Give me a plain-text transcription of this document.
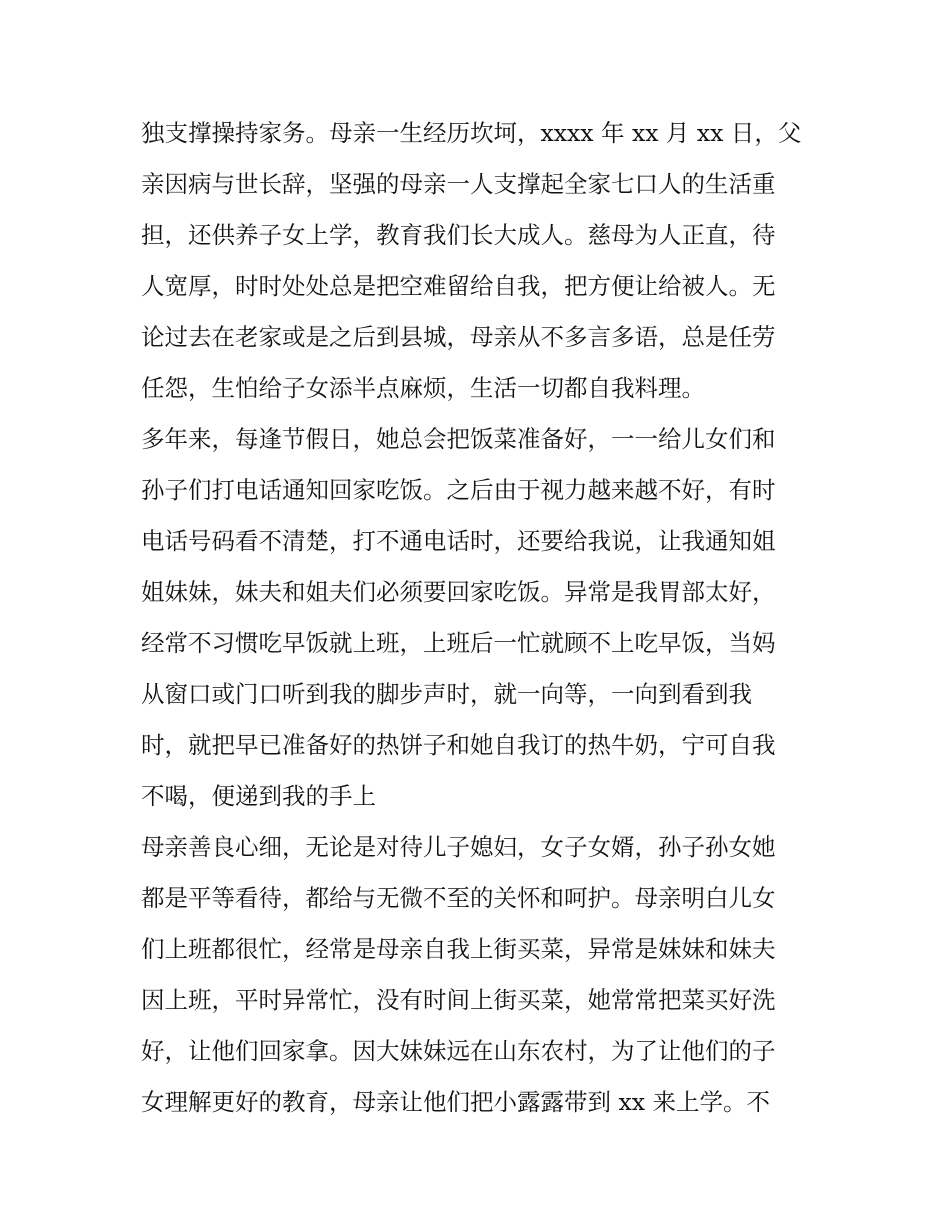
独支撑操持家务。母亲一生经历坎坷，xxxx 年 xx 月 xx 日，父
亲因病与世长辞，坚强的母亲一人支撑起全家七口人的生活重
担，还供养子女上学，教育我们长大成人。慈母为人正直，待
人宽厚，时时处处总是把空难留给自我，把方便让给被人。无
论过去在老家或是之后到县城，母亲从不多言多语，总是任劳
任怨，生怕给子女添半点麻烦，生活一切都自我料理。
多年来，每逢节假日，她总会把饭菜准备好，一一给儿女们和
孙子们打电话通知回家吃饭。之后由于视力越来越不好，有时
电话号码看不清楚，打不通电话时，还要给我说，让我通知姐
姐妹妹，妹夫和姐夫们必须要回家吃饭。异常是我胃部太好，
经常不习惯吃早饭就上班，上班后一忙就顾不上吃早饭，当妈
从窗口或门口听到我的脚步声时，就一向等，一向到看到我
时，就把早已准备好的热饼子和她自我订的热牛奶，宁可自我
不喝，便递到我的手上
母亲善良心细，无论是对待儿子媳妇，女子女婿，孙子孙女她
都是平等看待，都给与无微不至的关怀和呵护。母亲明白儿女
们上班都很忙，经常是母亲自我上街买菜，异常是妹妹和妹夫
因上班，平时异常忙，没有时间上街买菜，她常常把菜买好洗
好，让他们回家拿。因大妹妹远在山东农村，为了让他们的子
女理解更好的教育，母亲让他们把小露露带到 xx 来上学。不
